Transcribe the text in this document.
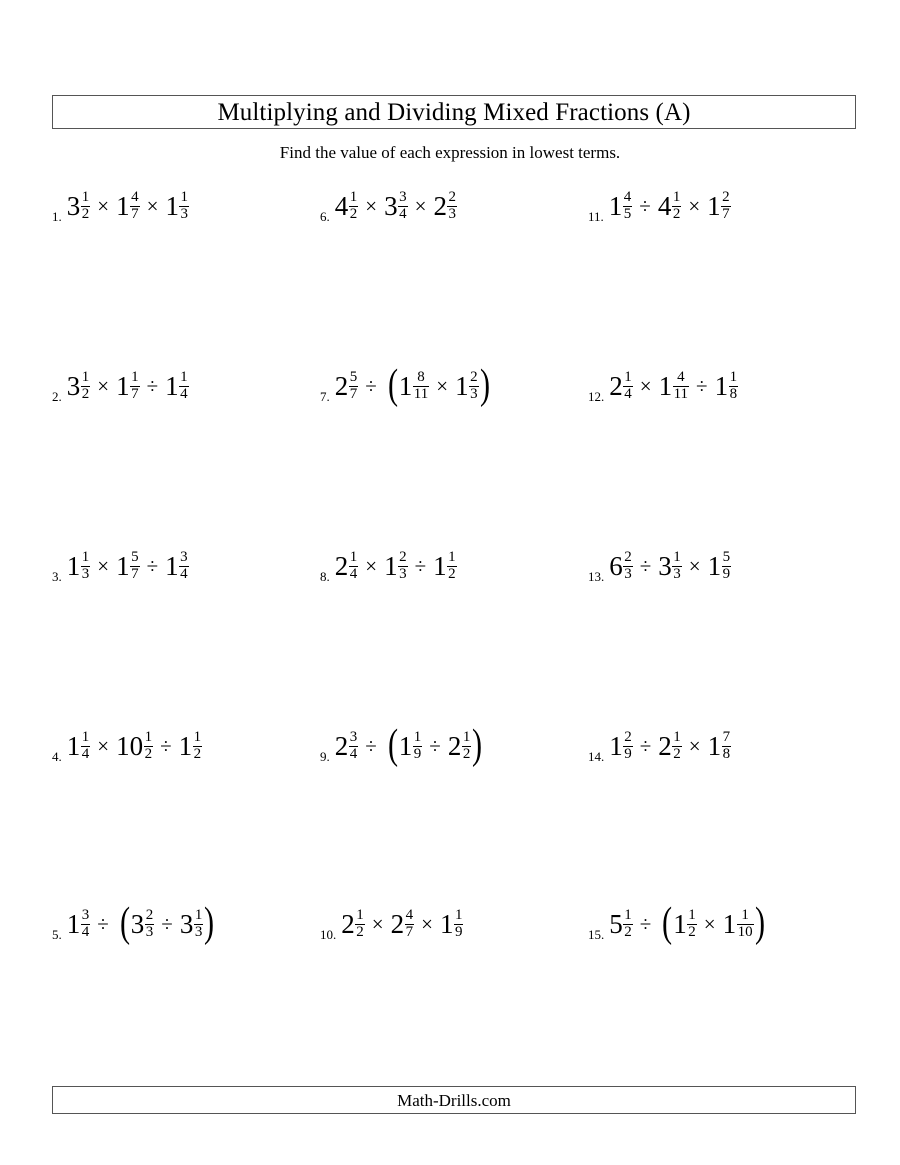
Multiplying and Dividing Mixed Fractions (A)
Find the value of each expression in lowest terms.
1. $3 \frac{1}{2} \times 1 \frac{4}{7} \times 1 \frac{1}{3}$	6. $4 \frac{1}{2} \times 3 \frac{3}{4} \times 2 \frac{2}{3}$	11. $1 \frac{4}{5} \div 4 \frac{1}{2} \times 1 \frac{2}{7}$
2. $3 \frac{1}{2} \times 1 \frac{1}{7} \div 1 \frac{1}{4}$	7. $2 \frac{5}{7}$ ÷ ( $1 \frac{8}{11} \times 1 \frac{2}{3}$ )	12. $2 \frac{1}{4} \times 1 \frac{4}{11} \div 1 \frac{1}{8}$
3. $1 \frac{1}{3} \times 1 \frac{5}{7} \div 1 \frac{3}{4}$	8. $2 \frac{1}{4} \times 1 \frac{2}{3} \div 1 \frac{1}{2}$	13. $6 \frac{2}{3} \div 3 \frac{1}{3} \times 1 \frac{5}{9}$
4. $1 \frac{1}{4} \times 10 \frac{1}{2} \div 1 \frac{1}{2}$	9. $2 \frac{3}{4}$ ÷ ( $1 \frac{1}{9} \div 2 \frac{1}{2}$ )	14. $1 \frac{2}{9} \div 2 \frac{1}{2} \times 1 \frac{7}{8}$
5. $1 \frac{3}{4}$ ÷ ( $3 \frac{2}{3} \div 3 \frac{1}{3}$ )	10. $2 \frac{1}{2} \times 2 \frac{4}{7} \times 1 \frac{1}{9}$	15. $5 \frac{1}{2}$ ÷ ( $1 \frac{1}{2} \times 1 \frac{1}{10}$ )
Math-Drills.com
